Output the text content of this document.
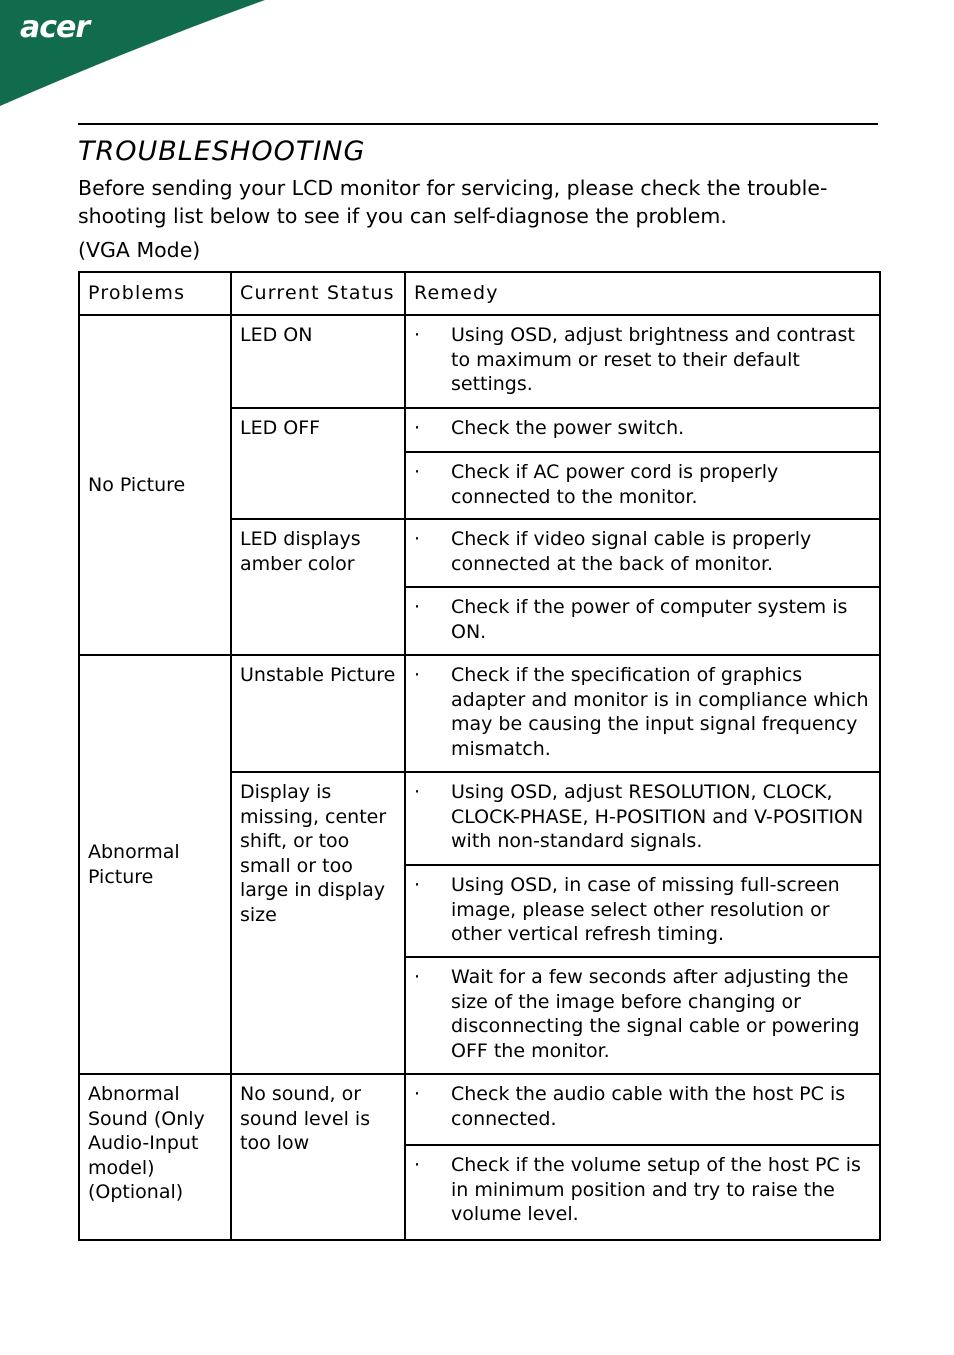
acer
TROUBLESHOOTING

Before sending your LCD monitor for servicing, please check the trouble-shooting list below to see if you can self-diagnose the problem.

(VGA Mode)

Problems	Current Status	Remedy
No Picture	LED ON	· Using OSD, adjust brightness and contrast to maximum or reset to their default settings.

	LED OFF	· Check the power switch.

		· Check if AC power cord is properly connected to the monitor.

	LED displays amber color	· Check if video signal cable is properly connected at the back of monitor.

		· Check if the power of computer system is ON.

Abnormal Picture	Unstable Picture	· Check if the specification of graphics adapter and monitor is in compliance which may be causing the input signal frequency mismatch.

	Display is missing, center shift, or too small or too large in display size	· Using OSD, adjust RESOLUTION, CLOCK, CLOCK-PHASE, H-POSITION and V-POSITION with non-standard signals.

		· Using OSD, in case of missing full-screen image, please select other resolution or other vertical refresh timing.

		· Wait for a few seconds after adjusting the size of the image before changing or disconnecting the signal cable or powering OFF the monitor.

Abnormal Sound (Only Audio-Input model) (Optional)	No sound, or sound level is too low	· Check the audio cable with the host PC is connected.

		· Check if the volume setup of the host PC is in minimum position and try to raise the volume level.
